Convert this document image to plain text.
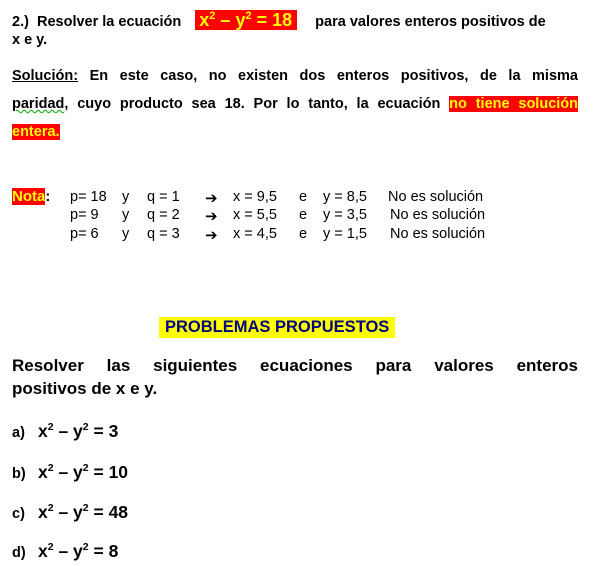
2.) Resolver la ecuación $x^2 - y^2 = 18$ para valores enteros positivos de
x e y.
Solución: En este caso, no existen dos enteros positivos, de la misma
paridad, cuyo producto sea 18. Por lo tanto, la ecuación no tiene solución
entera.
Nota: p= 18 y q = 1 ➔ x = 9,5 e y = 8,5 No es solución
p= 9 y q = 2 ➔ x = 5,5 e y = 3,5 No es solución
p= 6 y q = 3 ➔ x = 4,5 e y = 1,5 No es solución
PROBLEMAS PROPUESTOS
Resolver las siguientes ecuaciones para valores enteros
positivos de x e y.
a) $x^2 - y^2 = 3$
b) $x^2 - y^2 = 10$
c) $x^2 - y^2 = 48$
d) $x^2 - y^2 = 8$
